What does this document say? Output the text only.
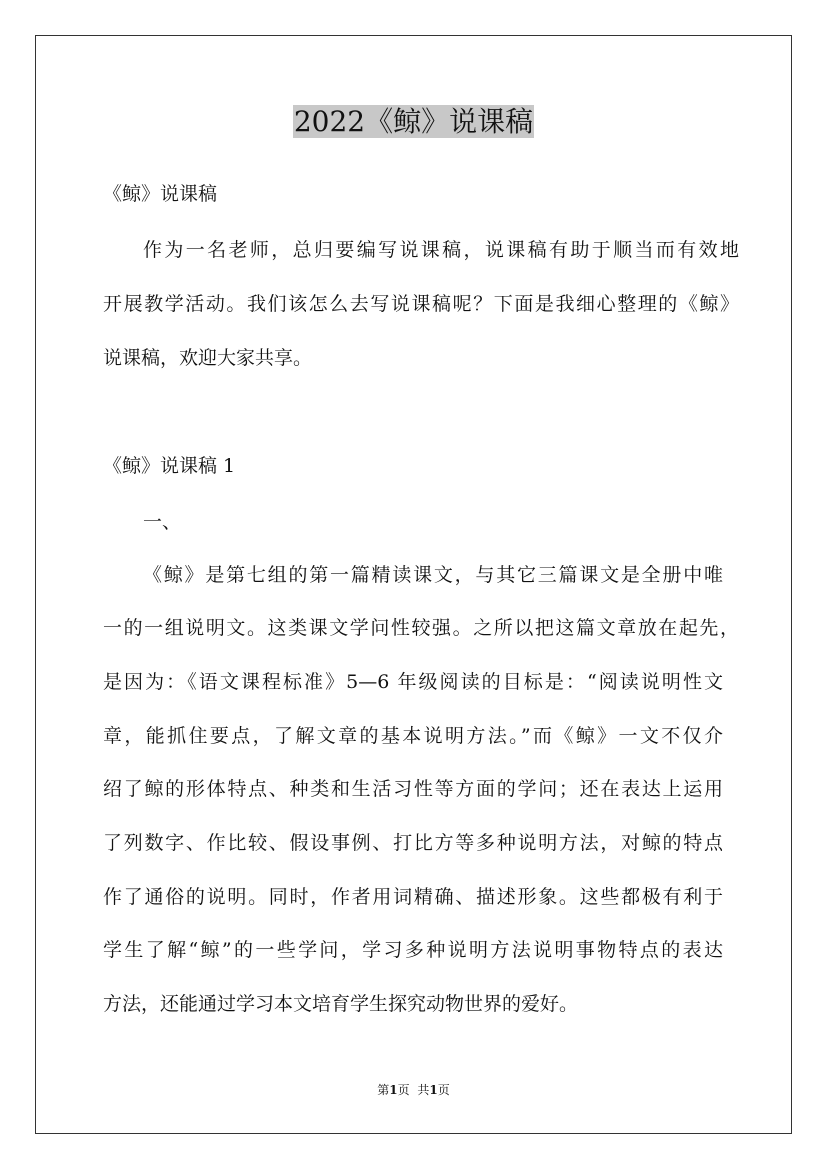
2022《鲸》说课稿
《鲸》说课稿
作为一名老师，总归要编写说课稿，说课稿有助于顺当而有效地
开展教学活动。我们该怎么去写说课稿呢？下面是我细心整理的《鲸》
说课稿，欢迎大家共享。
《鲸》说课稿 1
一、
《鲸》是第七组的第一篇精读课文，与其它三篇课文是全册中唯
一的一组说明文。这类课文学问性较强。之所以把这篇文章放在起先，
是因为：《语文课程标准》5—6 年级阅读的目标是：“阅读说明性文
章，能抓住要点，了解文章的基本说明方法。”而《鲸》一文不仅介
绍了鲸的形体特点、种类和生活习性等方面的学问；还在表达上运用
了列数字、作比较、假设事例、打比方等多种说明方法，对鲸的特点
作了通俗的说明。同时，作者用词精确、描述形象。这些都极有利于
学生了解“鲸”的一些学问，学习多种说明方法说明事物特点的表达
方法，还能通过学习本文培育学生探究动物世界的爱好。
第1页 共1页
